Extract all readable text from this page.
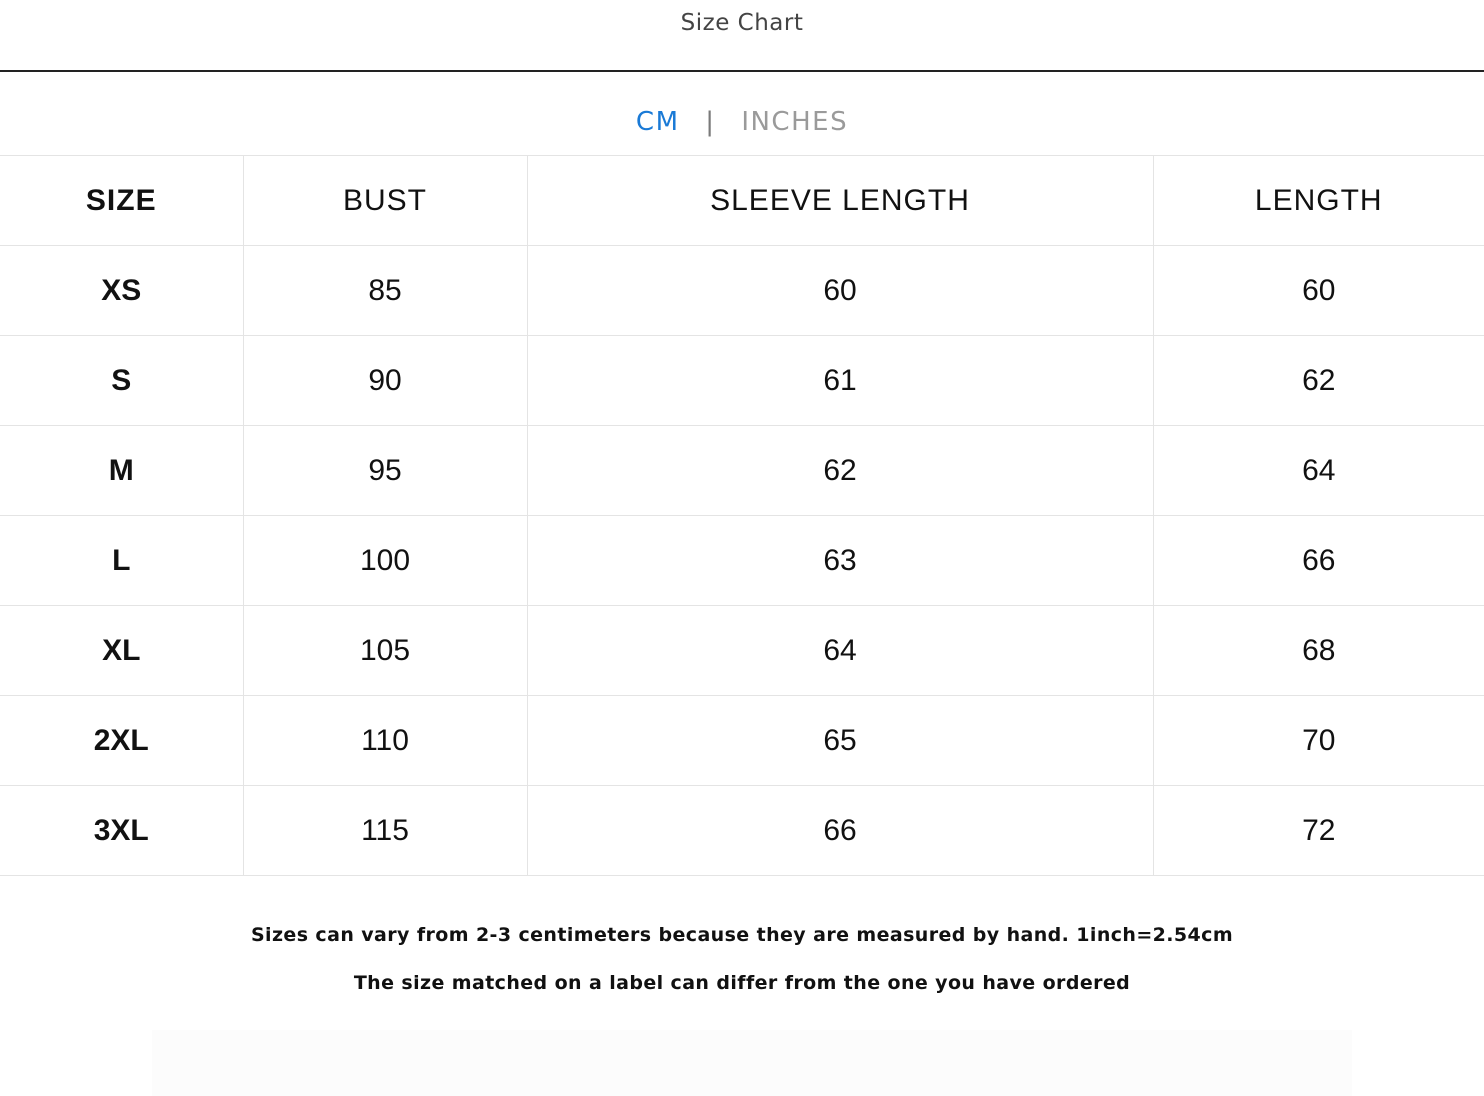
Size Chart
CM | INCHES
SIZE	BUST	SLEEVE LENGTH	LENGTH
XS	85	60	60
S	90	61	62
M	95	62	64
L	100	63	66
XL	105	64	68
2XL	110	65	70
3XL	115	66	72
Sizes can vary from 2-3 centimeters because they are measured by hand. 1inch=2.54cm
The size matched on a label can differ from the one you have ordered
